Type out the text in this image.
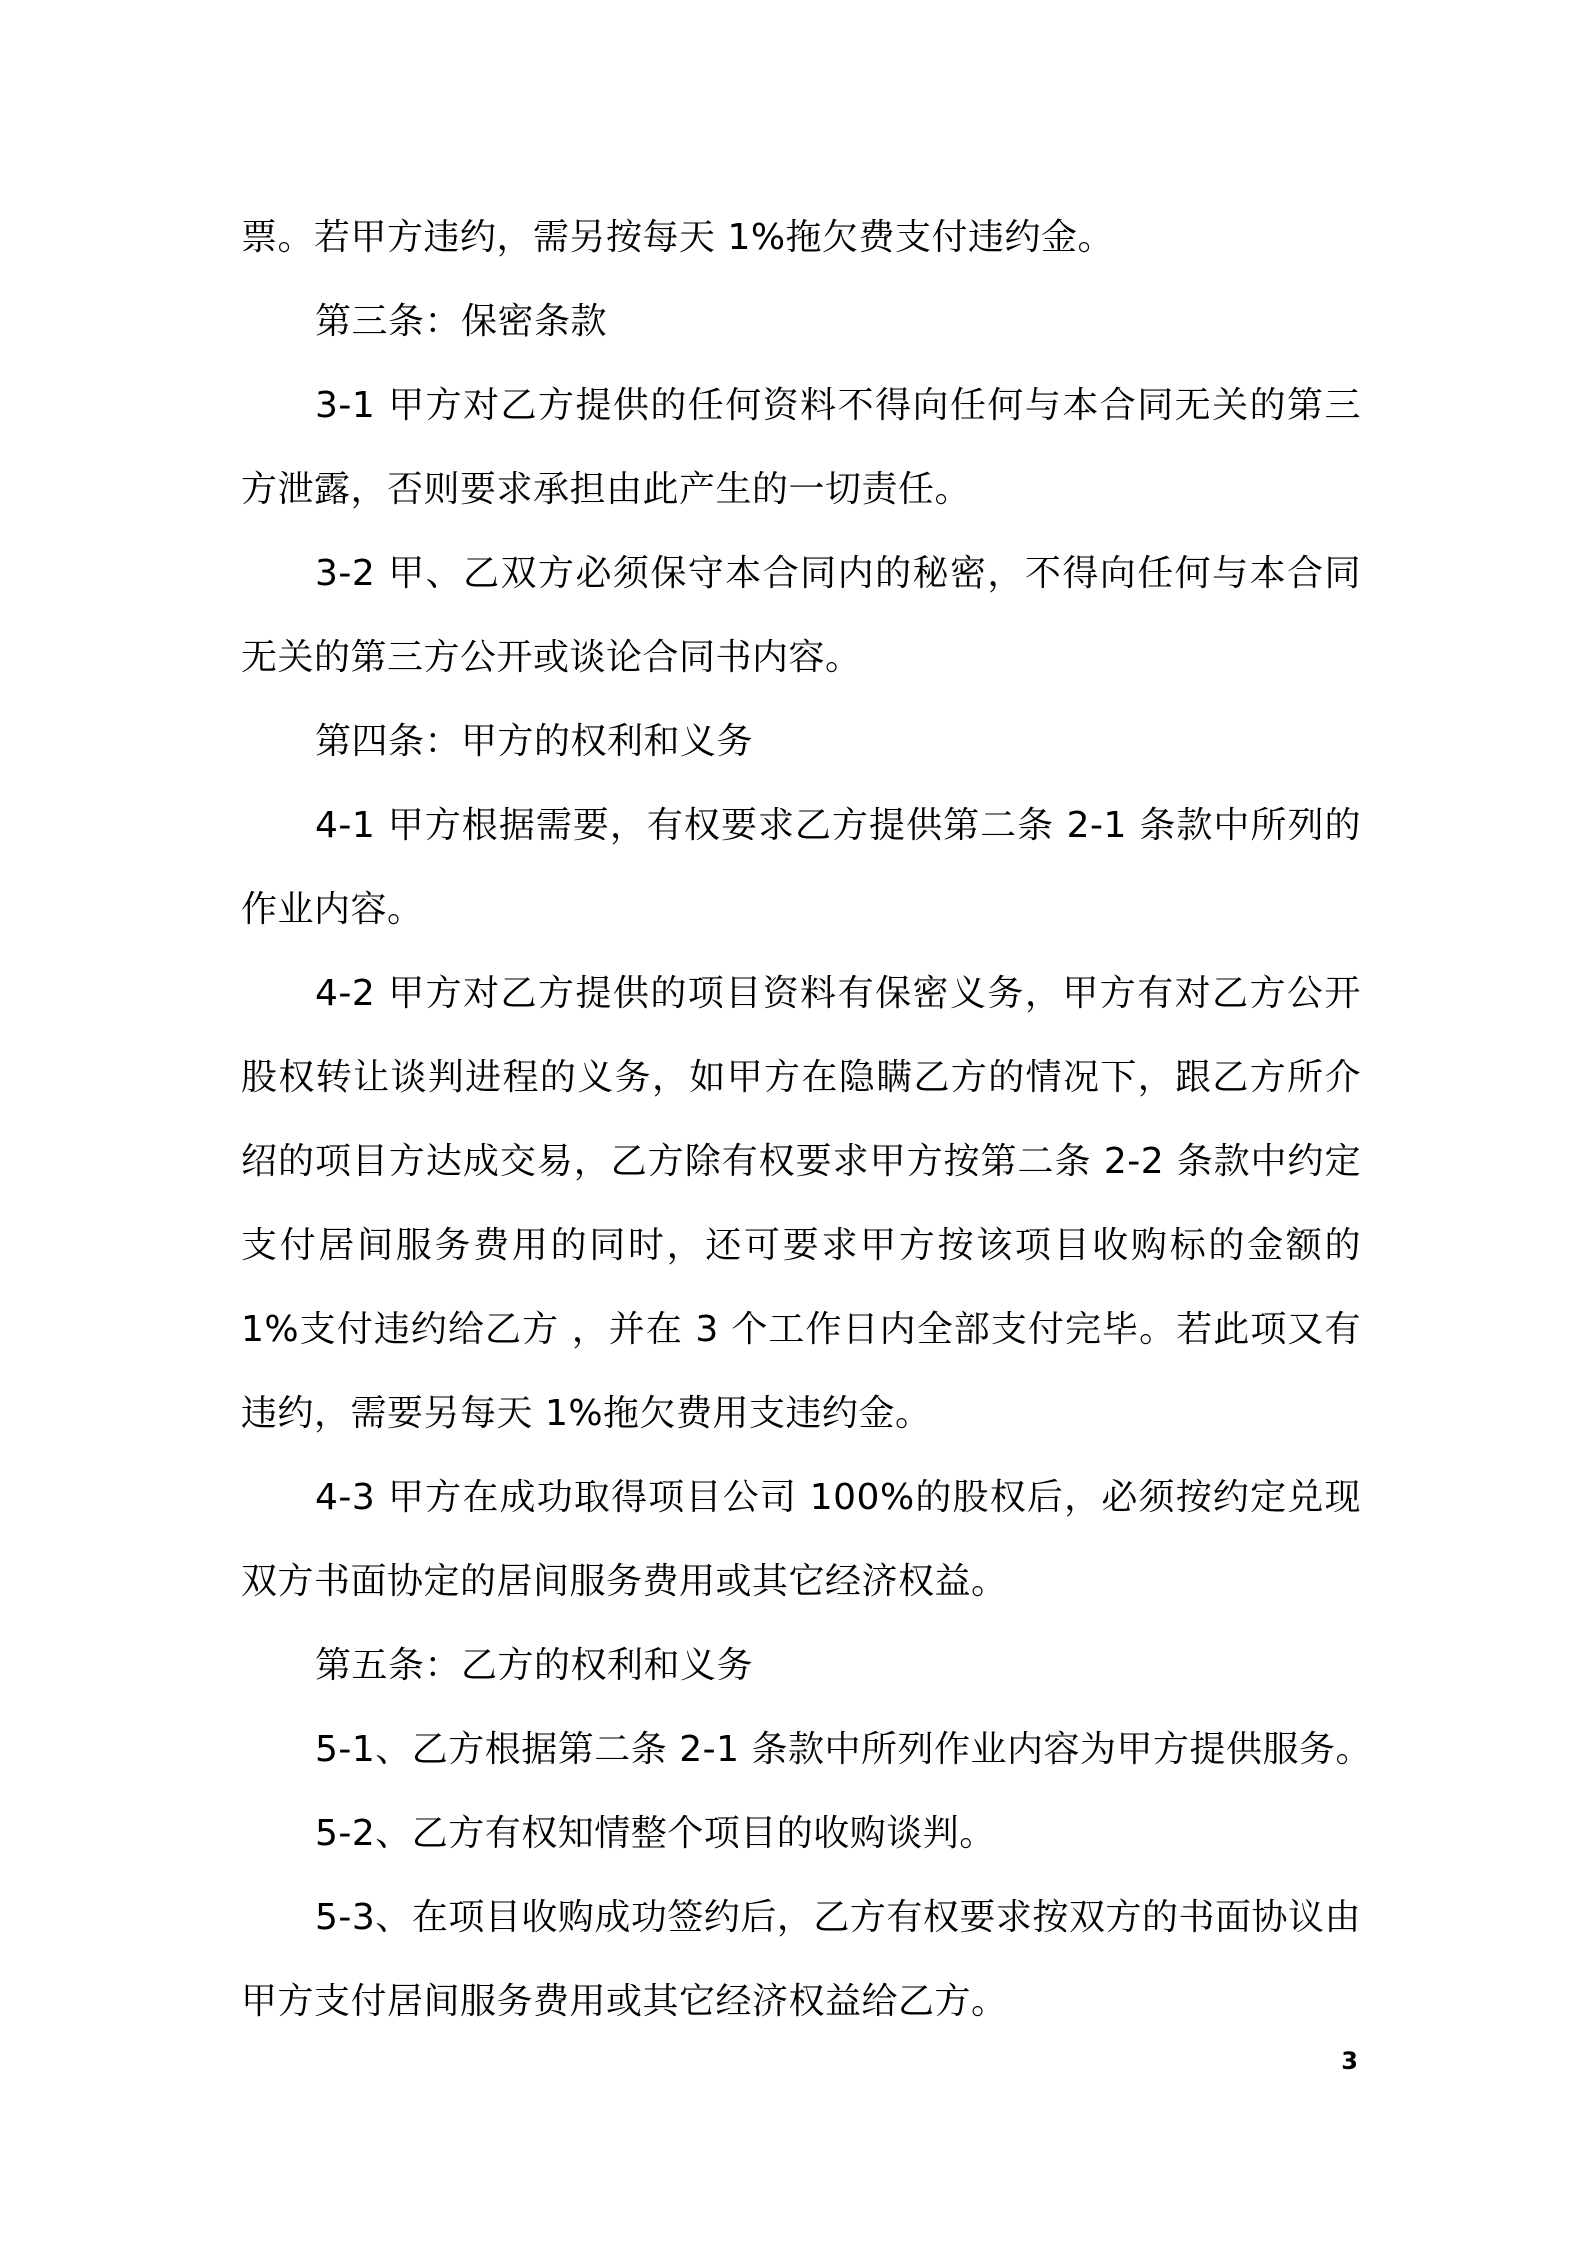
票。若甲方违约，需另按每天 1%拖欠费支付违约金。

第三条：保密条款

3-1 甲方对乙方提供的任何资料不得向任何与本合同无关的第三方泄露，否则要求承担由此产生的一切责任。

3-2 甲、乙双方必须保守本合同内的秘密，不得向任何与本合同无关的第三方公开或谈论合同书内容。

第四条：甲方的权利和义务

4-1 甲方根据需要，有权要求乙方提供第二条 2-1 条款中所列的作业内容。

4-2 甲方对乙方提供的项目资料有保密义务，甲方有对乙方公开股权转让谈判进程的义务，如甲方在隐瞒乙方的情况下，跟乙方所介绍的项目方达成交易，乙方除有权要求甲方按第二条 2-2 条款中约定支付居间服务费用的同时，还可要求甲方按该项目收购标的金额的 1%支付违约给乙方 ，并在 3 个工作日内全部支付完毕。若此项又有违约，需要另每天 1%拖欠费用支违约金。

4-3 甲方在成功取得项目公司 100%的股权后，必须按约定兑现双方书面协定的居间服务费用或其它经济权益。

第五条：乙方的权利和义务

5-1、乙方根据第二条 2-1 条款中所列作业内容为甲方提供服务。

5-2、乙方有权知情整个项目的收购谈判。

5-3、在项目收购成功签约后，乙方有权要求按双方的书面协议由甲方支付居间服务费用或其它经济权益给乙方。

3
